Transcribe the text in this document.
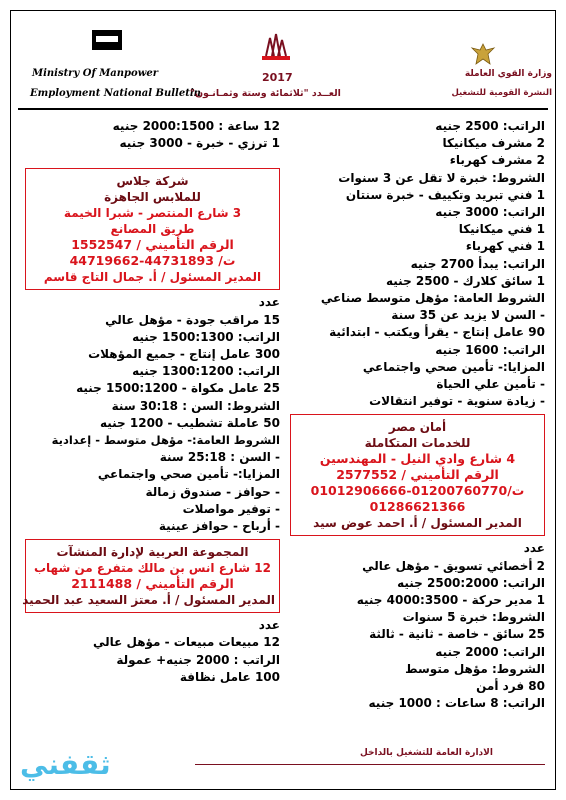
Ministry Of Manpower
Employment National Bulletin
2017
العــدد "ثلاثمائة وستة وثمـانـون"
وزارة القوي العاملة
النشرة القومية للتشغيل
الراتب: 2500 جنيه
2 مشرف ميكانيكا
2 مشرف كهرباء
الشروط: خبرة لا تقل عن 3 سنوات
1 فني تبريد وتكييف - خبرة سنتان
الراتب: 3000 جنيه
1 فني ميكانيكا
1 فني كهرباء
الراتب: يبدأ 2700 جنيه
1 سائق كلارك - 2500 جنيه
الشروط العامة: مؤهل متوسط صناعي
- السن لا يزيد عن 35 سنة
90 عامل إنتاج - يقرأ ويكتب - ابتدائية
الراتب: 1600 جنيه
المزايا:- تأمين صحي واجتماعي
- تأمين علي الحياة
- زيادة سنوية - توفير انتقالات
أمان مصر
للخدمات المتكاملة
4 شارع وادي النيل - المهندسين
الرقم التأميني / 2577552
ت/01200760770-01012906666
01286621366
المدير المسئول / أ. احمد عوض سيد
عدد
2 أخصائي تسويق - مؤهل عالي
الراتب: 2500:2000 جنيه
1 مدير حركة - 4000:3500 جنيه
الشروط: خبرة 5 سنوات
25 سائق - خاصة - ثانية - ثالثة
الراتب: 2000 جنيه
الشروط: مؤهل متوسط
80 فرد أمن
الراتب: 8 ساعات : 1000 جنيه
12 ساعة : 2000:1500 جنيه
1 ترزي - خبرة - 3000 جنيه
شركة جلاس
للملابس الجاهزة
3 شارع المنتصر - شبرا الخيمة
طريق المصانع
الرقم التأميني / 1552547
ت/ 44731893-44719662
المدير المسئول / أ. جمال التاج قاسم
عدد
15 مراقب جودة - مؤهل عالي
الراتب: 1500:1300 جنيه
300 عامل إنتاج - جميع المؤهلات
الراتب: 1300:1200 جنيه
25 عامل مكواة - 1500:1200 جنيه
الشروط: السن : 30:18 سنة
50 عاملة تشطيب - 1200 جنيه
الشروط العامة:- مؤهل متوسط - إعدادية
- السن : 25:18 سنة
المزايا:- تأمين صحي واجتماعي
- حوافز - صندوق زمالة
- توفير مواصلات
- أرباح - حوافز عينية
المجموعة العربية لإدارة المنشآت
12 شارع انس بن مالك متفرع من شهاب
الرقم التأميني / 2111488
المدير المسئول / أ. معتز السعيد عبد الحميد
عدد
12 مبيعات مبيعات - مؤهل عالي
الراتب : 2000 جنيه+ عمولة
100 عامل نظافة
الادارة العامة للتشغيل بالداخل
ثقفني
